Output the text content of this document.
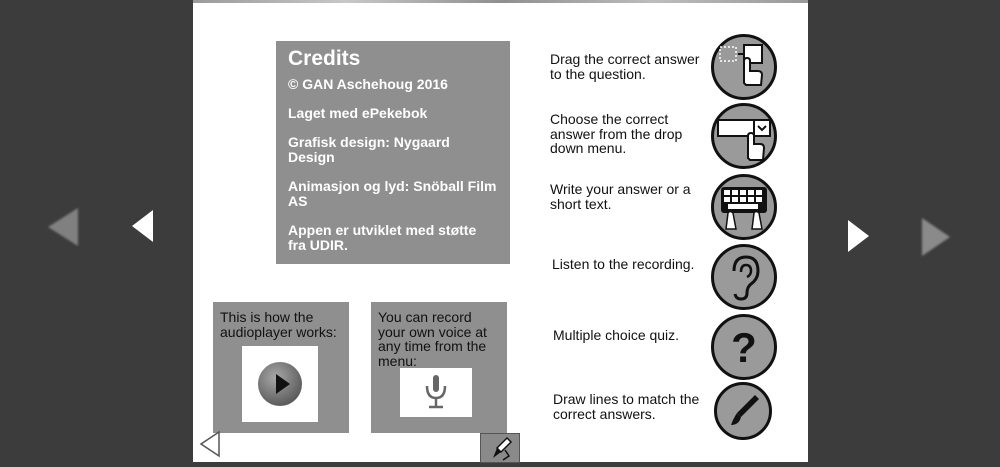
Credits

© GAN Aschehoug 2016

Laget med ePekebok

Grafisk design: Nygaard Design

Animasjon og lyd: Snöball Film AS

Appen er utviklet med støtte fra UDIR.

This is how the audioplayer works:
You can record your own voice at any time from the menu:
Drag the correct answer to the question.
Choose the correct answer from the drop down menu.
Write your answer or a short text.
Listen to the recording.
Multiple choice quiz.	?
Draw lines to match the correct answers.
